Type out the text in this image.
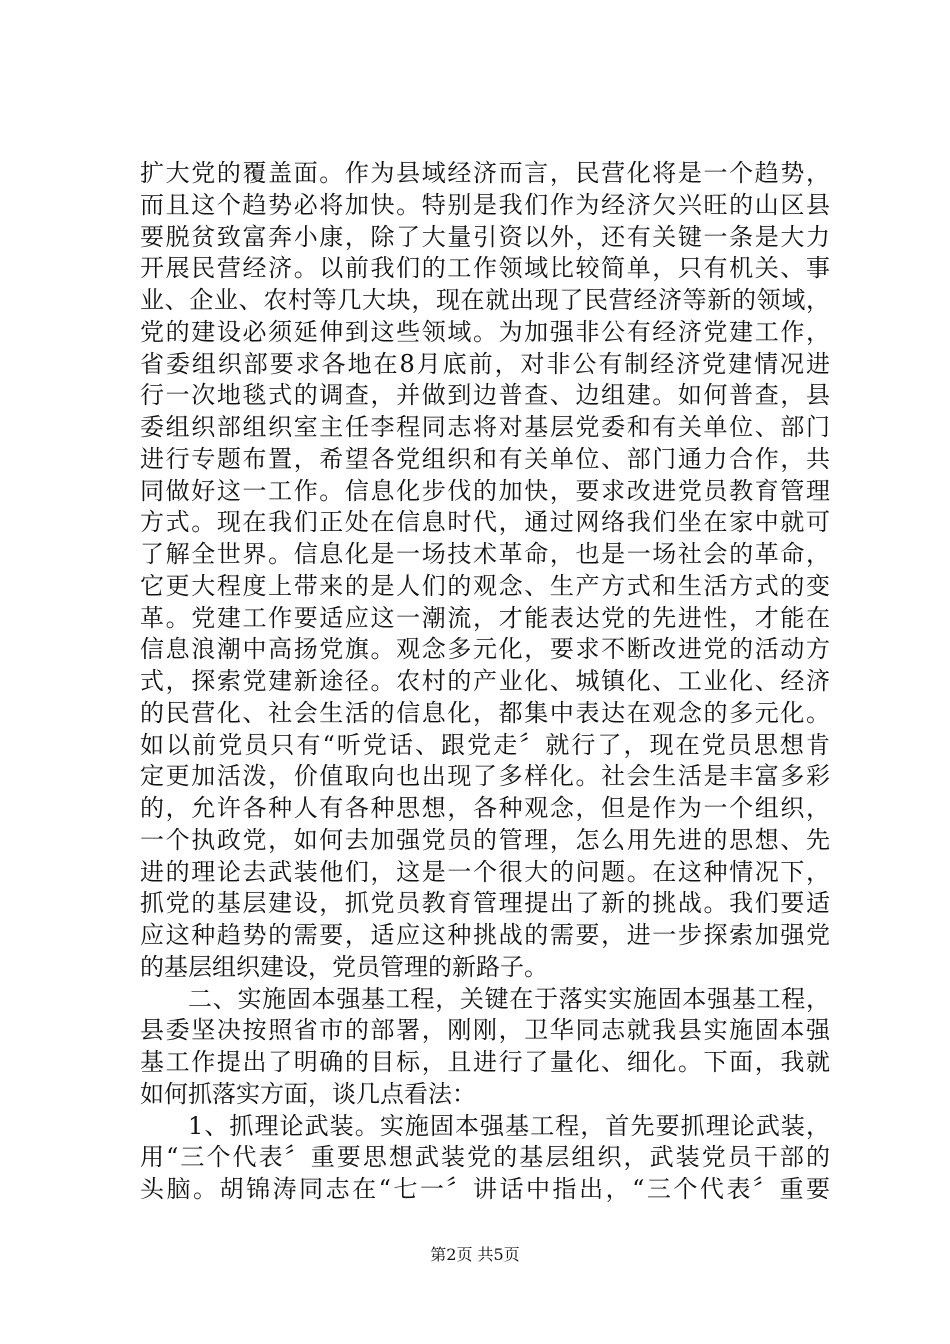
扩大党的覆盖面。作为县域经济而言，民营化将是一个趋势，
而且这个趋势必将加快。特别是我们作为经济欠兴旺的山区县
要脱贫致富奔小康，除了大量引资以外，还有关键一条是大力
开展民营经济。以前我们的工作领域比较简单，只有机关、事
业、企业、农村等几大块，现在就出现了民营经济等新的领域，
党的建设必须延伸到这些领域。为加强非公有经济党建工作，
省委组织部要求各地在8月底前，对非公有制经济党建情况进
行一次地毯式的调查，并做到边普查、边组建。如何普查，县
委组织部组织室主任李程同志将对基层党委和有关单位、部门
进行专题布置，希望各党组织和有关单位、部门通力合作，共
同做好这一工作。信息化步伐的加快，要求改进党员教育管理
方式。现在我们正处在信息时代，通过网络我们坐在家中就可
了解全世界。信息化是一场技术革命，也是一场社会的革命，
它更大程度上带来的是人们的观念、生产方式和生活方式的变
革。党建工作要适应这一潮流，才能表达党的先进性，才能在
信息浪潮中高扬党旗。观念多元化，要求不断改进党的活动方
式，探索党建新途径。农村的产业化、城镇化、工业化、经济
的民营化、社会生活的信息化，都集中表达在观念的多元化。
如以前党员只有“听党话、跟党走〞就行了，现在党员思想肯
定更加活泼，价值取向也出现了多样化。社会生活是丰富多彩
的，允许各种人有各种思想，各种观念，但是作为一个组织，
一个执政党，如何去加强党员的管理，怎么用先进的思想、先
进的理论去武装他们，这是一个很大的问题。在这种情况下，
抓党的基层建设，抓党员教育管理提出了新的挑战。我们要适
应这种趋势的需要，适应这种挑战的需要，进一步探索加强党
的基层组织建设，党员管理的新路子。
二、实施固本强基工程，关键在于落实实施固本强基工程，
县委坚决按照省市的部署，刚刚，卫华同志就我县实施固本强
基工作提出了明确的目标，且进行了量化、细化。下面，我就
如何抓落实方面，谈几点看法：
1、抓理论武装。实施固本强基工程，首先要抓理论武装，
用“三个代表〞重要思想武装党的基层组织，武装党员干部的
头脑。胡锦涛同志在“七一〞讲话中指出，“三个代表〞重要
第2页 共5页
